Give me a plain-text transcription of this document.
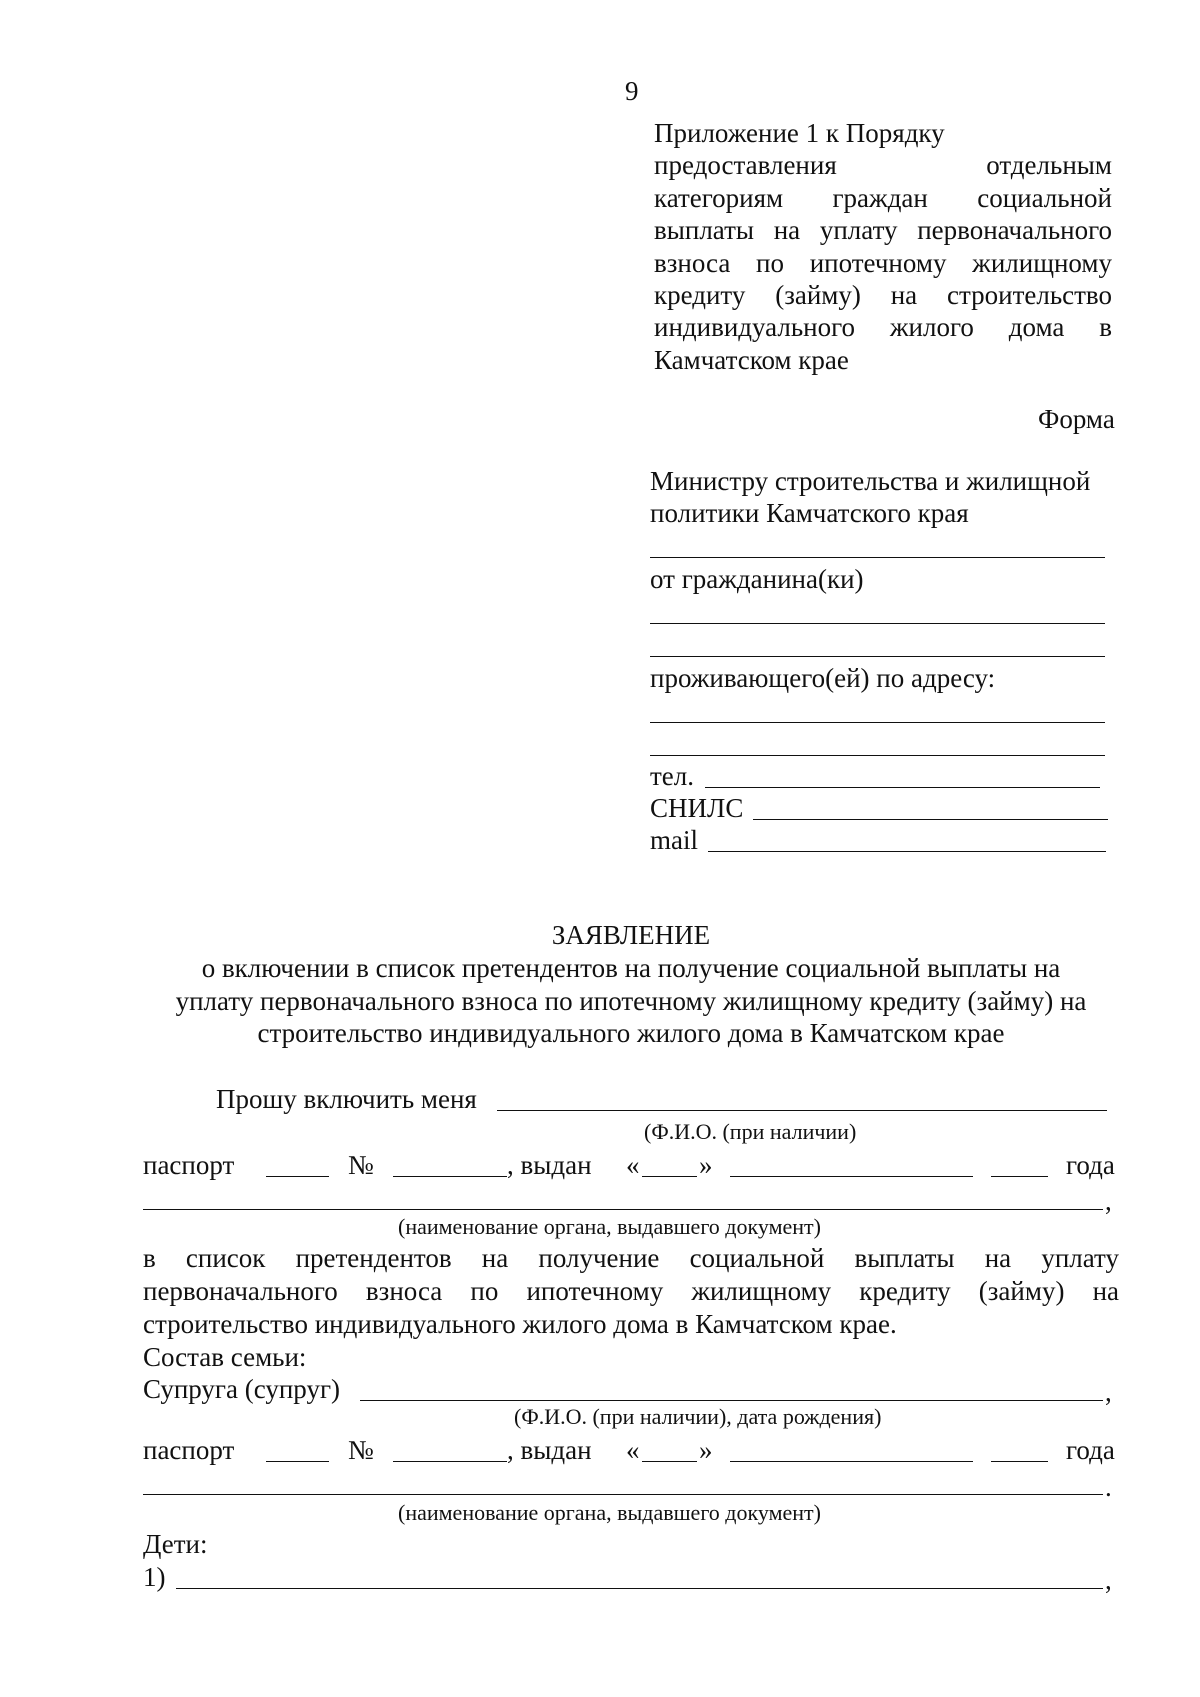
9
Приложение 1 к Порядку
предоставления отдельным
категориям граждан социальной
выплаты на уплату первоначального
взноса по ипотечному жилищному
кредиту (займу) на строительство
индивидуального жилого дома в
Камчатском крае
Форма
Министру строительства и жилищной
политики Камчатского края
от гражданина(ки)
проживающего(ей) по адресу:
тел.
СНИЛС
mail
ЗАЯВЛЕНИЕ
о включении в список претендентов на получение социальной выплаты на
уплату первоначального взноса по ипотечному жилищному кредиту (займу) на
строительство индивидуального жилого дома в Камчатском крае
Прошу включить меня
(Ф.И.О. (при наличии)
паспорт	№	, выдан « »	года
,
(наименование органа, выдавшего документ)
в список претендентов на получение социальной выплаты на уплату
первоначального взноса по ипотечному жилищному кредиту (займу) на
строительство индивидуального жилого дома в Камчатском крае.
Состав семьи:
Супруга (супруг)	,
(Ф.И.О. (при наличии), дата рождения)
паспорт	№	, выдан « »	года
.
(наименование органа, выдавшего документ)
Дети:
1)	,
